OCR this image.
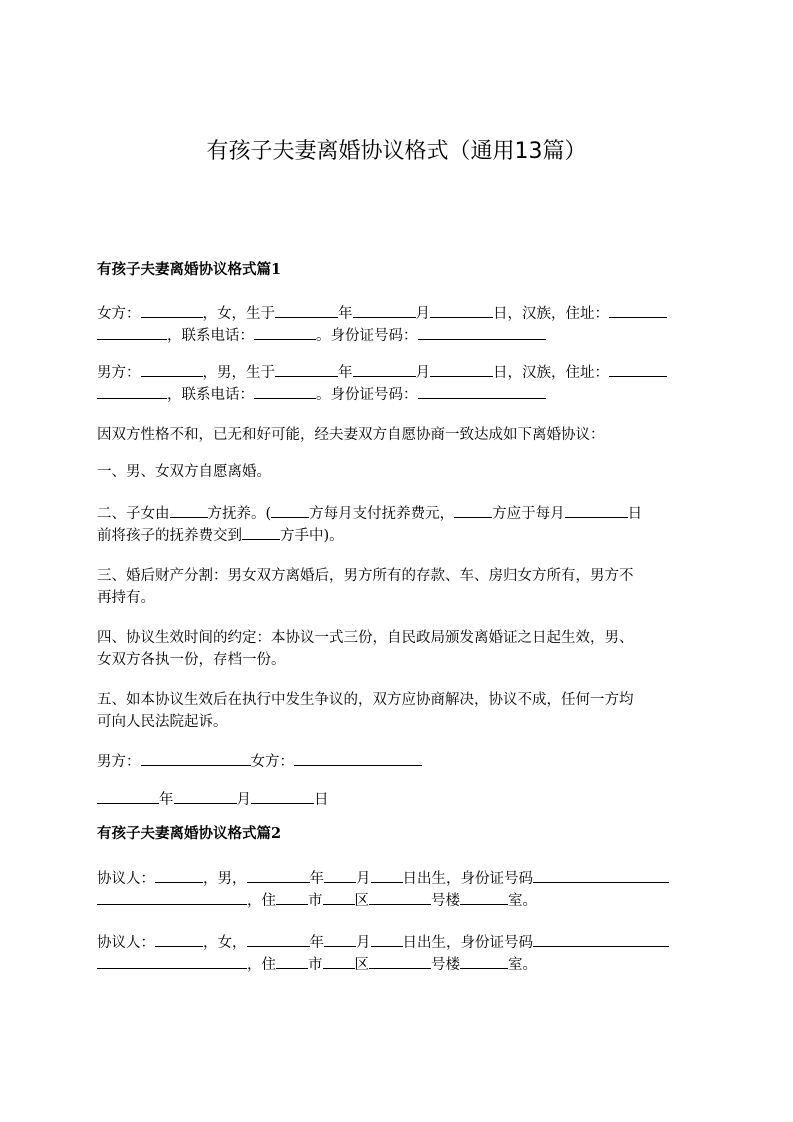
有孩子夫妻离婚协议格式（通用13篇）
有孩子夫妻离婚协议格式篇1
女方：	，女，生于	年	月	日，汉族，住址：
，联系电话：	。身份证号码：
男方：	，男，生于	年	月	日，汉族，住址：
，联系电话：	。身份证号码：
因双方性格不和，已无和好可能，经夫妻双方自愿协商一致达成如下离婚协议：
一、男、女双方自愿离婚。
二、子女由	方抚养。(	方每月支付抚养费元，	方应于每月	日
前将孩子的抚养费交到	方手中)。
三、婚后财产分割：男女双方离婚后，男方所有的存款、车、房归女方所有，男方不
再持有。
四、协议生效时间的约定：本协议一式三份，自民政局颁发离婚证之日起生效，男、
女双方各执一份，存档一份。
五、如本协议生效后在执行中发生争议的，双方应协商解决，协议不成，任何一方均
可向人民法院起诉。
男方：	女方：
年	月	日
有孩子夫妻离婚协议格式篇2
协议人：	，男，	年 月 日出生，身份证号码
，住 市 区	号楼	室。
协议人：	，女，	年 月 日出生，身份证号码
，住 市 区	号楼	室。
